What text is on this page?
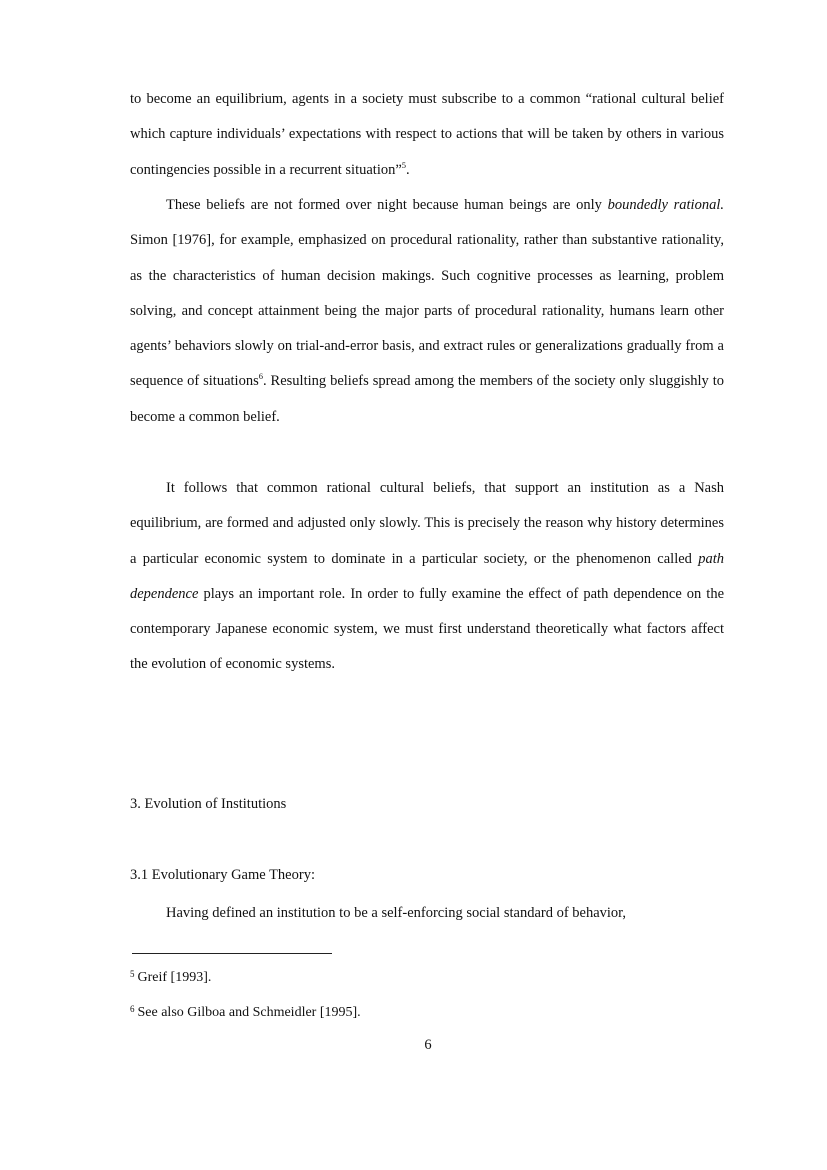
to become an equilibrium, agents in a society must subscribe to a common “rational cultural belief which capture individuals’ expectations with respect to actions that will be taken by others in various contingencies possible in a recurrent situation”$^5$.

These beliefs are not formed over night because human beings are only boundedly rational. Simon [1976], for example, emphasized on procedural rationality, rather than substantive rationality, as the characteristics of human decision makings. Such cognitive processes as learning, problem solving, and concept attainment being the major parts of procedural rationality, humans learn other agents’ behaviors slowly on trial-and-error basis, and extract rules or generalizations gradually from a sequence of situations$^6$. Resulting beliefs spread among the members of the society only sluggishly to become a common belief.

It follows that common rational cultural beliefs, that support an institution as a Nash equilibrium, are formed and adjusted only slowly. This is precisely the reason why history determines a particular economic system to dominate in a particular society, or the phenomenon called path dependence plays an important role. In order to fully examine the effect of path dependence on the contemporary Japanese economic system, we must first understand theoretically what factors affect the evolution of economic systems.

3. Evolution of Institutions

3.1 Evolutionary Game Theory:

Having defined an institution to be a self-enforcing social standard of behavior,

$^5$ Greif [1993].

$^6$ See also Gilboa and Schmeidler [1995].

6
